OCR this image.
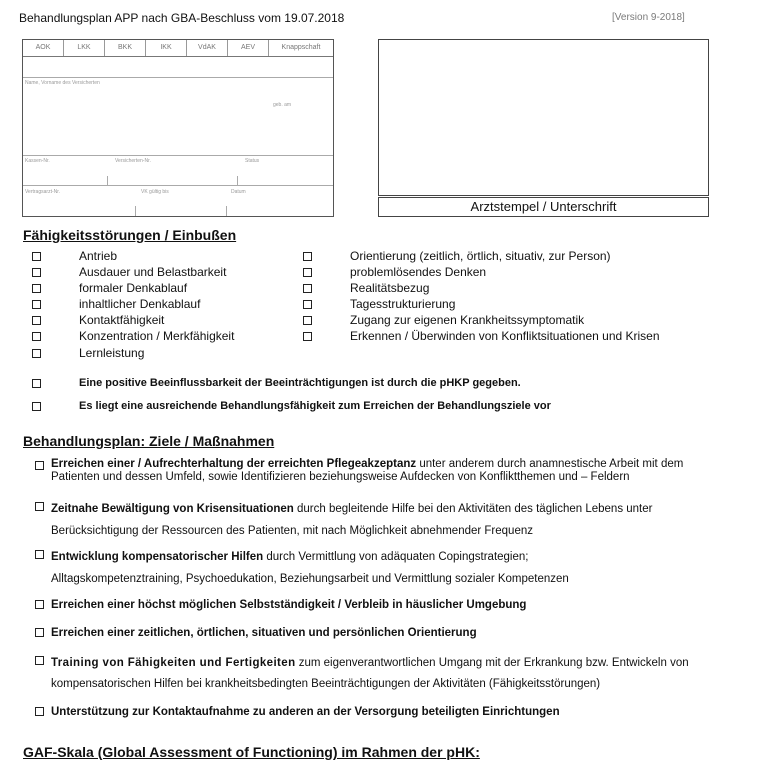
Behandlungsplan APP nach GBA-Beschluss vom 19.07.2018	[Version 9-2018]
AOK	LKK	BKK	IKK	VdAK	AEV	Knappschaft
Name, Vorname des Versicherten
geb. am
Kassen-Nr.	Versicherten-Nr.	Status
Vertragsarzt-Nr.	VK gültig bis	Datum
Arztstempel / Unterschrift
Fähigkeitsstörungen / Einbußen
Antrieb
Ausdauer und Belastbarkeit
formaler Denkablauf
inhaltlicher Denkablauf
Kontaktfähigkeit
Konzentration / Merkfähigkeit
Lernleistung
Orientierung (zeitlich, örtlich, situativ, zur Person)
problemlösendes Denken
Realitätsbezug
Tagesstrukturierung
Zugang zur eigenen Krankheitssymptomatik
Erkennen / Überwinden von Konfliktsituationen und Krisen
Eine positive Beeinflussbarkeit der Beeinträchtigungen ist durch die pHKP gegeben.
Es liegt eine ausreichende Behandlungsfähigkeit zum Erreichen der Behandlungsziele vor
Behandlungsplan: Ziele / Maßnahmen
Erreichen einer / Aufrechterhaltung der erreichten Pflegeakzeptanz unter anderem durch anamnestische Arbeit mit dem
Patienten und dessen Umfeld, sowie Identifizieren beziehungsweise Aufdecken von Konfliktthemen und – Feldern
Zeitnahe Bewältigung von Krisensituationen durch begleitende Hilfe bei den Aktivitäten des täglichen Lebens unter
Berücksichtigung der Ressourcen des Patienten, mit nach Möglichkeit abnehmender Frequenz
Entwicklung kompensatorischer Hilfen durch Vermittlung von adäquaten Copingstrategien;
Alltagskompetenztraining, Psychoedukation, Beziehungsarbeit und Vermittlung sozialer Kompetenzen
Erreichen einer höchst möglichen Selbstständigkeit / Verbleib in häuslicher Umgebung
Erreichen einer zeitlichen, örtlichen, situativen und persönlichen Orientierung
Training von Fähigkeiten und Fertigkeiten zum eigenverantwortlichen Umgang mit der Erkrankung bzw. Entwickeln von
kompensatorischen Hilfen bei krankheitsbedingten Beeinträchtigungen der Aktivitäten (Fähigkeitsstörungen)
Unterstützung zur Kontaktaufnahme zu anderen an der Versorgung beteiligten Einrichtungen
GAF-Skala (Global Assessment of Functioning) im Rahmen der pHK:
